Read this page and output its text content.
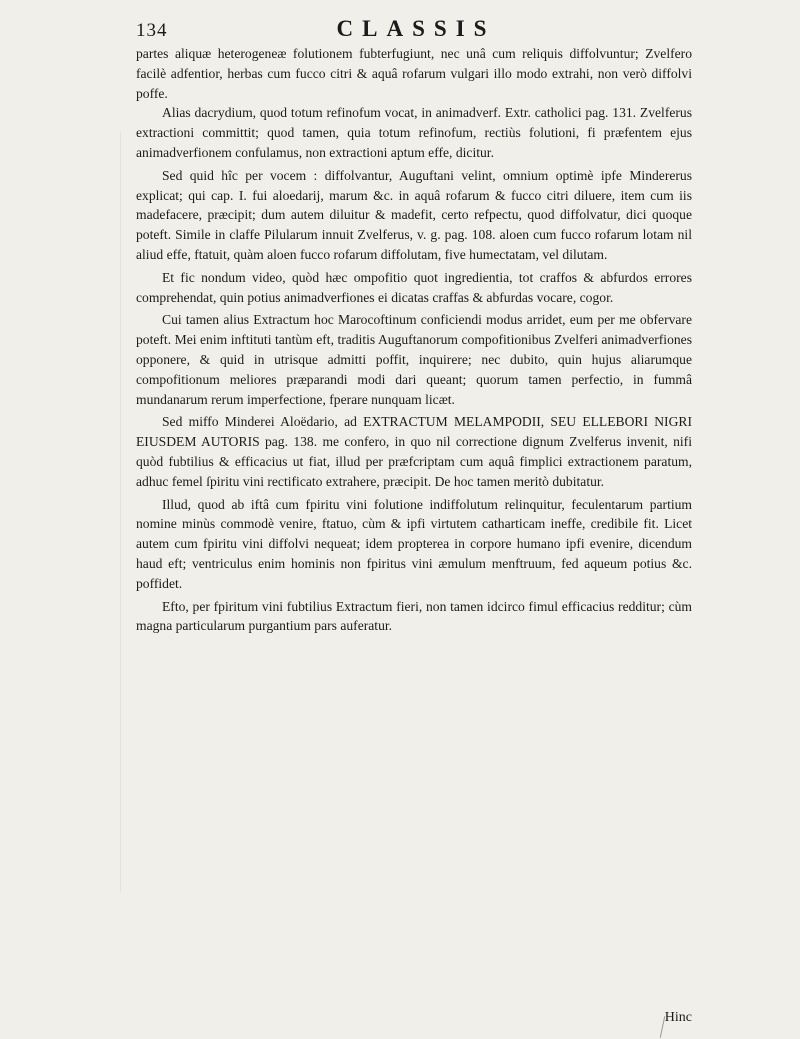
134	CLASSIS

partes aliquæ heterogeneæ folutionem fubterfugiunt, nec unâ cum reliquis diffolvuntur; Zvelfero facilè adfentior, herbas cum fucco citri & aquâ rofarum vulgari illo modo extrahi, non verò diffolvi poffe.

Alias dacrydium, quod totum refinofum vocat, in animadverf. Extr. catholici pag. 131. Zvelferus extractioni committit; quod tamen, quia totum refinofum, rectiùs folutioni, fi præfentem ejus animadverfionem confulamus, non extractioni aptum effe, dicitur.

Sed quid hîc per vocem : diffolvantur, Auguftani velint, omnium optimè ipfe Mindererus explicat; qui cap. I. fui aloedarij, marum &c. in aquâ rofarum & fucco citri diluere, item cum iis madefacere, præcipit; dum autem diluitur & madefit, certo refpectu, quod diffolvatur, dici quoque poteft. Simile in claffe Pilularum innuit Zvelferus, v. g. pag. 108. aloen cum fucco rofarum lotam nil aliud effe, ftatuit, quàm aloen fucco rofarum diffolutam, five humectatam, vel dilutam.

Et fic nondum video, quòd hæc ompofitio quot ingredientia, tot craffos & abfurdos errores comprehendat, quin potius animadverfiones ei dicatas craffas & abfurdas vocare, cogor.

Cui tamen alius Extractum hoc Marocoftinum conficiendi modus arridet, eum per me obfervare poteft. Mei enim inftituti tantùm eft, traditis Auguftanorum compofitionibus Zvelferi animadverfiones opponere, & quid in utrisque admitti poffit, inquirere; nec dubito, quin hujus aliarumque compofitionum meliores præparandi modi dari queant; quorum tamen perfectio, in fummâ mundanarum rerum imperfectione, fperare nunquam licæt.

Sed miffo Minderei Aloëdario, ad EXTRACTUM MELAMPODII, SEU ELLEBORI NIGRI EIUSDEM AUTORIS pag. 138. me confero, in quo nil correctione dignum Zvelferus invenit, nifi quòd fubtilius & efficacius ut fiat, illud per præfcriptam cum aquâ fimplici extractionem paratum, adhuc femel ſpiritu vini rectificato extrahere, præcipit. De hoc tamen meritò dubitatur.

Illud, quod ab iftâ cum fpiritu vini folutione indiffolutum relinquitur, feculentarum partium nomine minùs commodè venire, ftatuo, cùm & ipfi virtutem catharticam ineffe, credibile fit. Licet autem cum fpiritu vini diffolvi nequeat; idem propterea in corpore humano ipfi evenire, dicendum haud eft; ventriculus enim hominis non fpiritus vini æmulum menftruum, fed aqueum potius &c. poffidet.

Efto, per fpiritum vini fubtilius Extractum fieri, non tamen idcirco fimul efficacius redditur; cùm magna particularum purgantium pars auferatur.

Hinc
